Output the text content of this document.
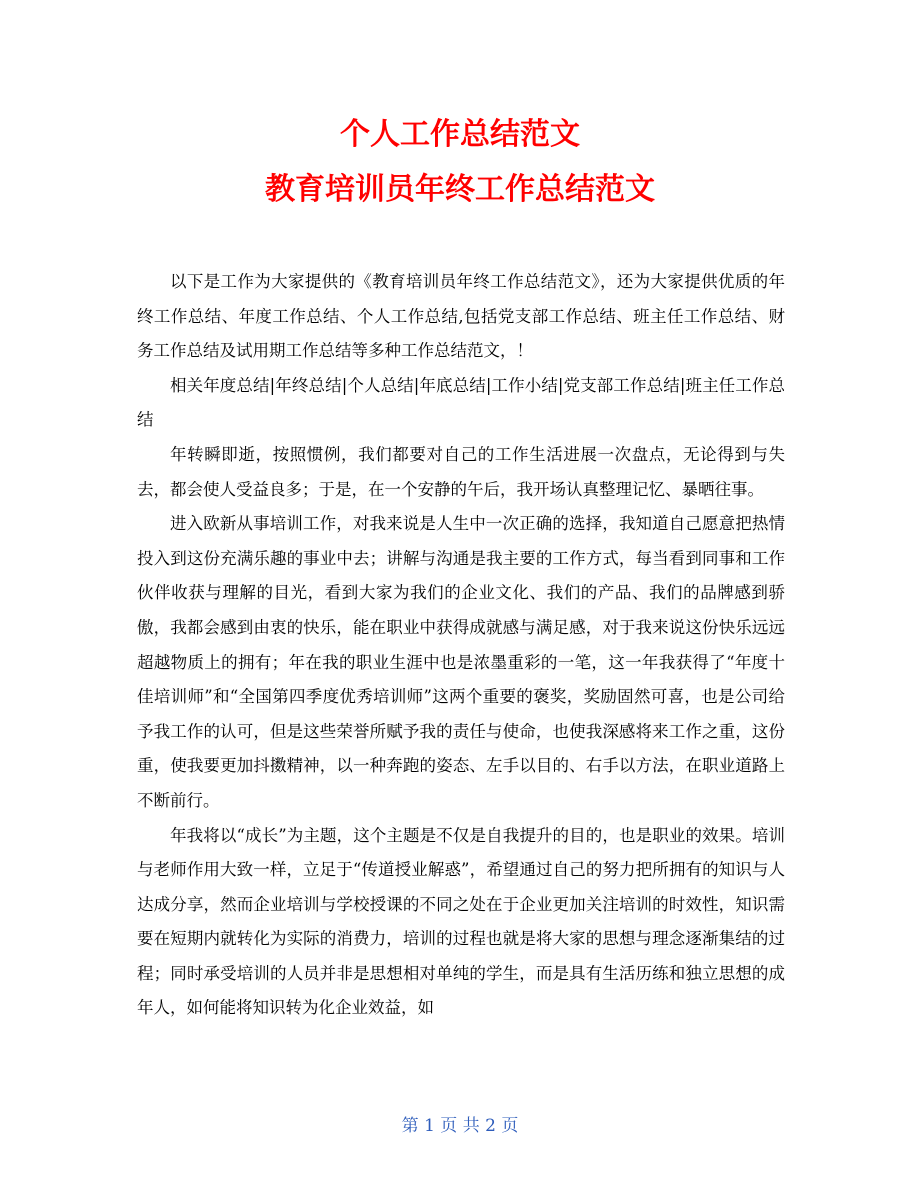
个人工作总结范文
教育培训员年终工作总结范文

以下是工作为大家提供的《教育培训员年终工作总结范文》，还为大家提供优质的年终工作总结、年度工作总结、个人工作总结,包括党支部工作总结、班主任工作总结、财务工作总结及试用期工作总结等多种工作总结范文，！

相关年度总结|年终总结|个人总结|年底总结|工作小结|党支部工作总结|班主任工作总结

年转瞬即逝，按照惯例，我们都要对自己的工作生活进展一次盘点，无论得到与失去，都会使人受益良多；于是，在一个安静的午后，我开场认真整理记忆、暴晒往事。

进入欧新从事培训工作，对我来说是人生中一次正确的选择，我知道自己愿意把热情投入到这份充满乐趣的事业中去；讲解与沟通是我主要的工作方式，每当看到同事和工作伙伴收获与理解的目光，看到大家为我们的企业文化、我们的产品、我们的品牌感到骄傲，我都会感到由衷的快乐，能在职业中获得成就感与满足感，对于我来说这份快乐远远超越物质上的拥有；年在我的职业生涯中也是浓墨重彩的一笔，这一年我获得了“年度十佳培训师”和“全国第四季度优秀培训师”这两个重要的褒奖，奖励固然可喜，也是公司给予我工作的认可，但是这些荣誉所赋予我的责任与使命，也使我深感将来工作之重，这份重，使我要更加抖擞精神，以一种奔跑的姿态、左手以目的、右手以方法，在职业道路上不断前行。

年我将以“成长”为主题，这个主题是不仅是自我提升的目的，也是职业的效果。培训与老师作用大致一样，立足于“传道授业解惑”，希望通过自己的努力把所拥有的知识与人达成分享，然而企业培训与学校授课的不同之处在于企业更加关注培训的时效性，知识需要在短期内就转化为实际的消费力，培训的过程也就是将大家的思想与理念逐渐集结的过程；同时承受培训的人员并非是思想相对单纯的学生，而是具有生活历练和独立思想的成年人，如何能将知识转为化企业效益，如

第 1 页 共 2 页
